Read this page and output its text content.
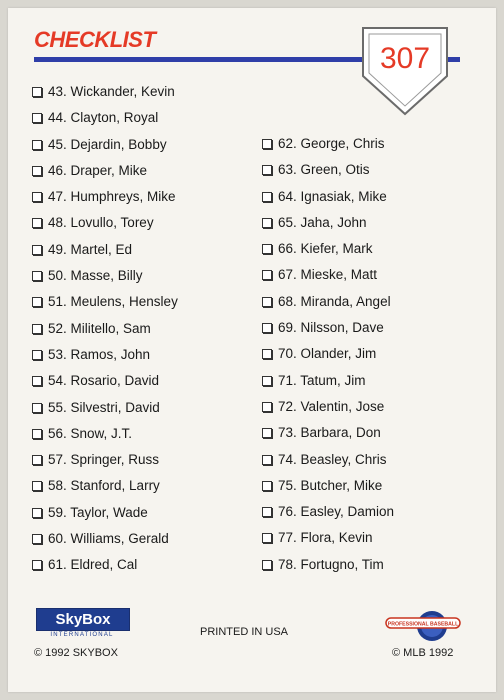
CHECKLIST
307
43. Wickander, Kevin
44. Clayton, Royal
45. Dejardin, Bobby
46. Draper, Mike
47. Humphreys, Mike
48. Lovullo, Torey
49. Martel, Ed
50. Masse, Billy
51. Meulens, Hensley
52. Militello, Sam
53. Ramos, John
54. Rosario, David
55. Silvestri, David
56. Snow, J.T.
57. Springer, Russ
58. Stanford, Larry
59. Taylor, Wade
60. Williams, Gerald
61. Eldred, Cal
62. George, Chris
63. Green, Otis
64. Ignasiak, Mike
65. Jaha, John
66. Kiefer, Mark
67. Mieske, Matt
68. Miranda, Angel
69. Nilsson, Dave
70. Olander, Jim
71. Tatum, Jim
72. Valentin, Jose
73. Barbara, Don
74. Beasley, Chris
75. Butcher, Mike
76. Easley, Damion
77. Flora, Kevin
78. Fortugno, Tim
SkyBox
INTERNATIONAL	PRINTED IN USA
© 1992 SKYBOX	© MLB 1992
PROFESSIONAL BASEBALL
